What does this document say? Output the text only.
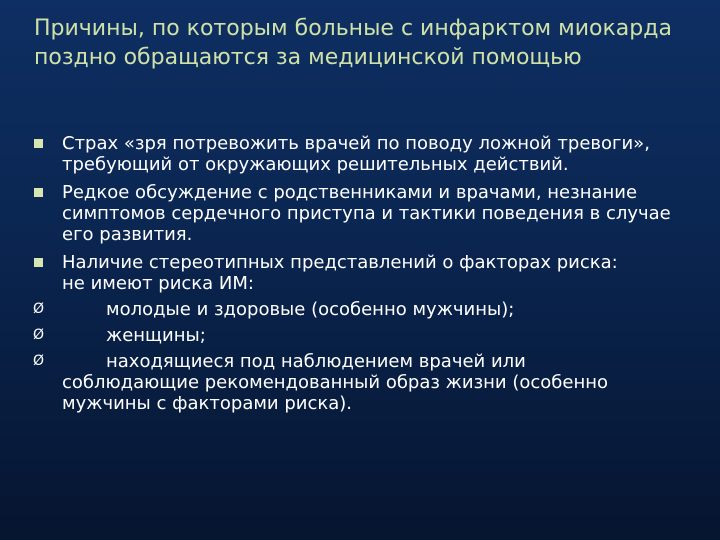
Причины, по которым больные с инфарктом миокарда поздно обращаются за медицинской помощью
Страх «зря потревожить врачей по поводу ложной тревоги», требующий от окружающих решительных действий.
Редкое обсуждение с родственниками и врачами, незнание симптомов сердечного приступа и тактики поведения в случае его развития.
Наличие стереотипных представлений о факторах риска:
не имеют риска ИМ:
Ø	молодые и здоровые (особенно мужчины);
Ø	женщины;
Ø	находящиеся под наблюдением врачей или
соблюдающие рекомендованный образ жизни (особенно мужчины с факторами риска).
